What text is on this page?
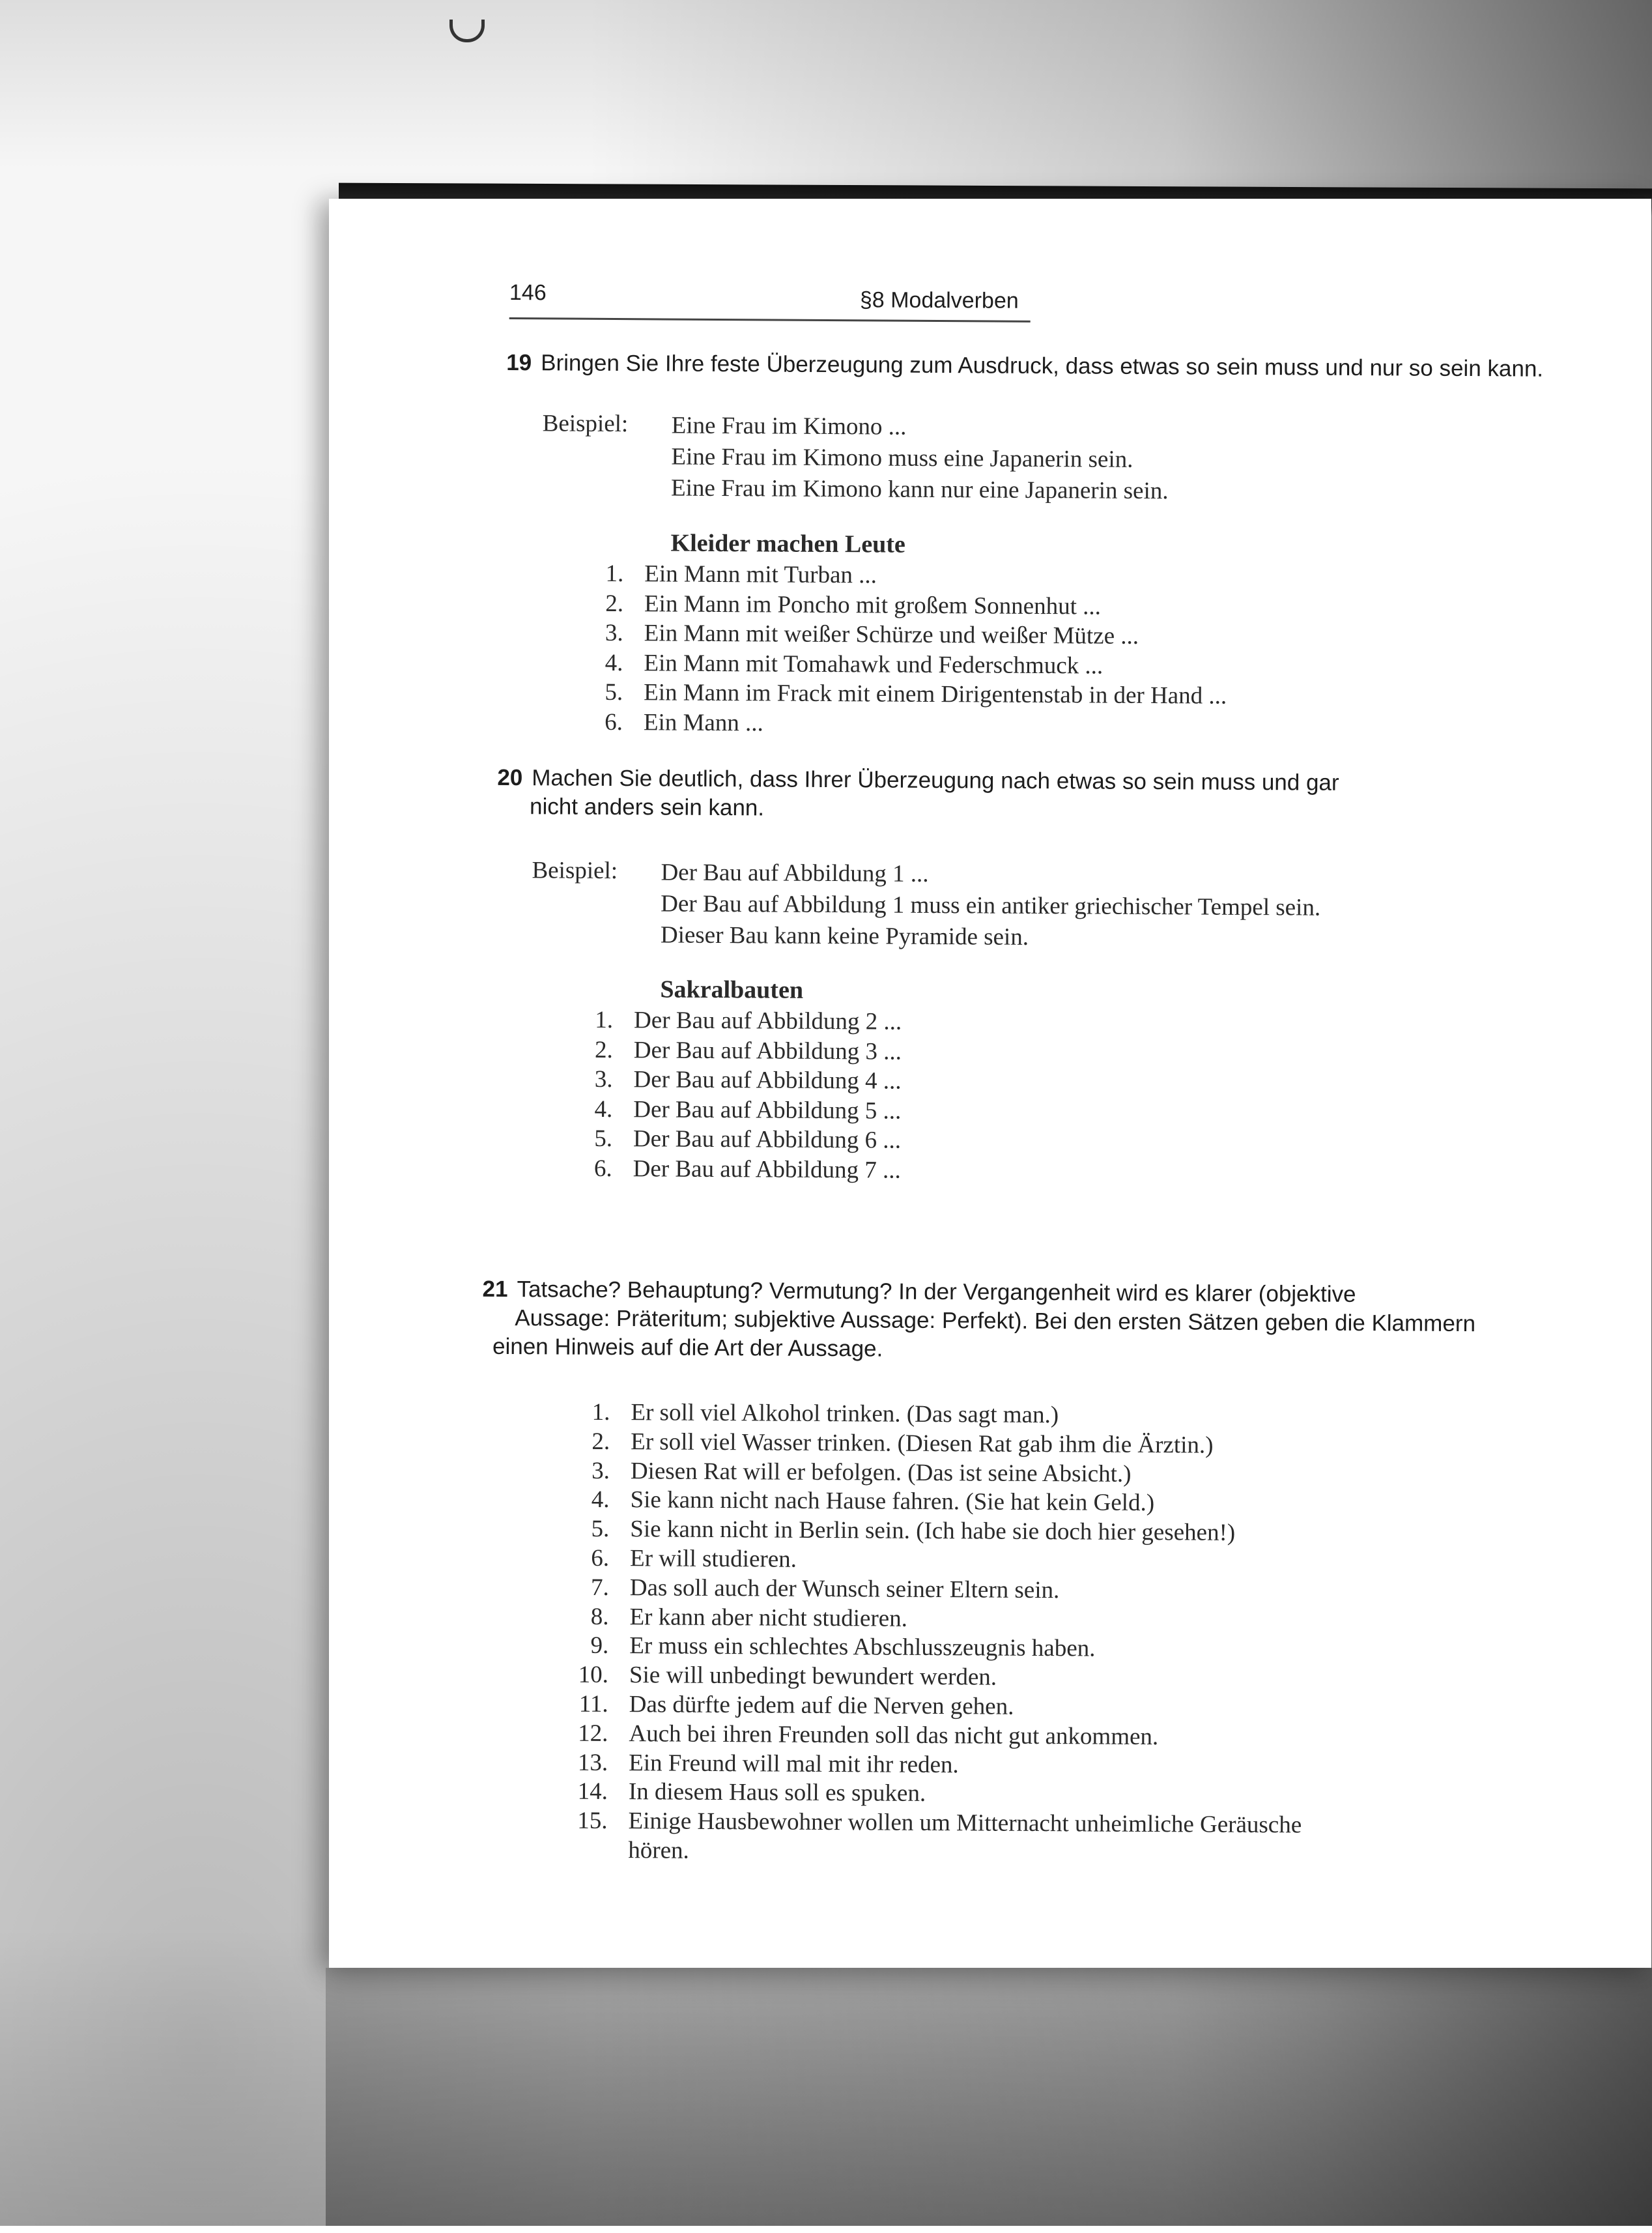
146	§8 Modalverben
19 Bringen Sie Ihre feste Überzeugung zum Ausdruck, dass etwas so sein muss und nur so sein kann.
Beispiel: Eine Frau im Kimono ...
Eine Frau im Kimono muss eine Japanerin sein.
Eine Frau im Kimono kann nur eine Japanerin sein.
Kleider machen Leute
1. Ein Mann mit Turban ...
2. Ein Mann im Poncho mit großem Sonnenhut ...
3. Ein Mann mit weißer Schürze und weißer Mütze ...
4. Ein Mann mit Tomahawk und Federschmuck ...
5. Ein Mann im Frack mit einem Dirigentenstab in der Hand ...
6. Ein Mann ...
20 Machen Sie deutlich, dass Ihrer Überzeugung nach etwas so sein muss und gar
nicht anders sein kann.
Beispiel: Der Bau auf Abbildung 1 ...
Der Bau auf Abbildung 1 muss ein antiker griechischer Tempel sein.
Dieser Bau kann keine Pyramide sein.
Sakralbauten
1. Der Bau auf Abbildung 2 ...
2. Der Bau auf Abbildung 3 ...
3. Der Bau auf Abbildung 4 ...
4. Der Bau auf Abbildung 5 ...
5. Der Bau auf Abbildung 6 ...
6. Der Bau auf Abbildung 7 ...
21 Tatsache? Behauptung? Vermutung? In der Vergangenheit wird es klarer (objektive
Aussage: Präteritum; subjektive Aussage: Perfekt). Bei den ersten Sätzen geben die Klammern
einen Hinweis auf die Art der Aussage.
1. Er soll viel Alkohol trinken. (Das sagt man.)
2. Er soll viel Wasser trinken. (Diesen Rat gab ihm die Ärztin.)
3. Diesen Rat will er befolgen. (Das ist seine Absicht.)
4. Sie kann nicht nach Hause fahren. (Sie hat kein Geld.)
5. Sie kann nicht in Berlin sein. (Ich habe sie doch hier gesehen!)
6. Er will studieren.
7. Das soll auch der Wunsch seiner Eltern sein.
8. Er kann aber nicht studieren.
9. Er muss ein schlechtes Abschlusszeugnis haben.
10. Sie will unbedingt bewundert werden.
11. Das dürfte jedem auf die Nerven gehen.
12. Auch bei ihren Freunden soll das nicht gut ankommen.
13. Ein Freund will mal mit ihr reden.
14. In diesem Haus soll es spuken.
15. Einige Hausbewohner wollen um Mitternacht unheimliche Geräusche
hören.
